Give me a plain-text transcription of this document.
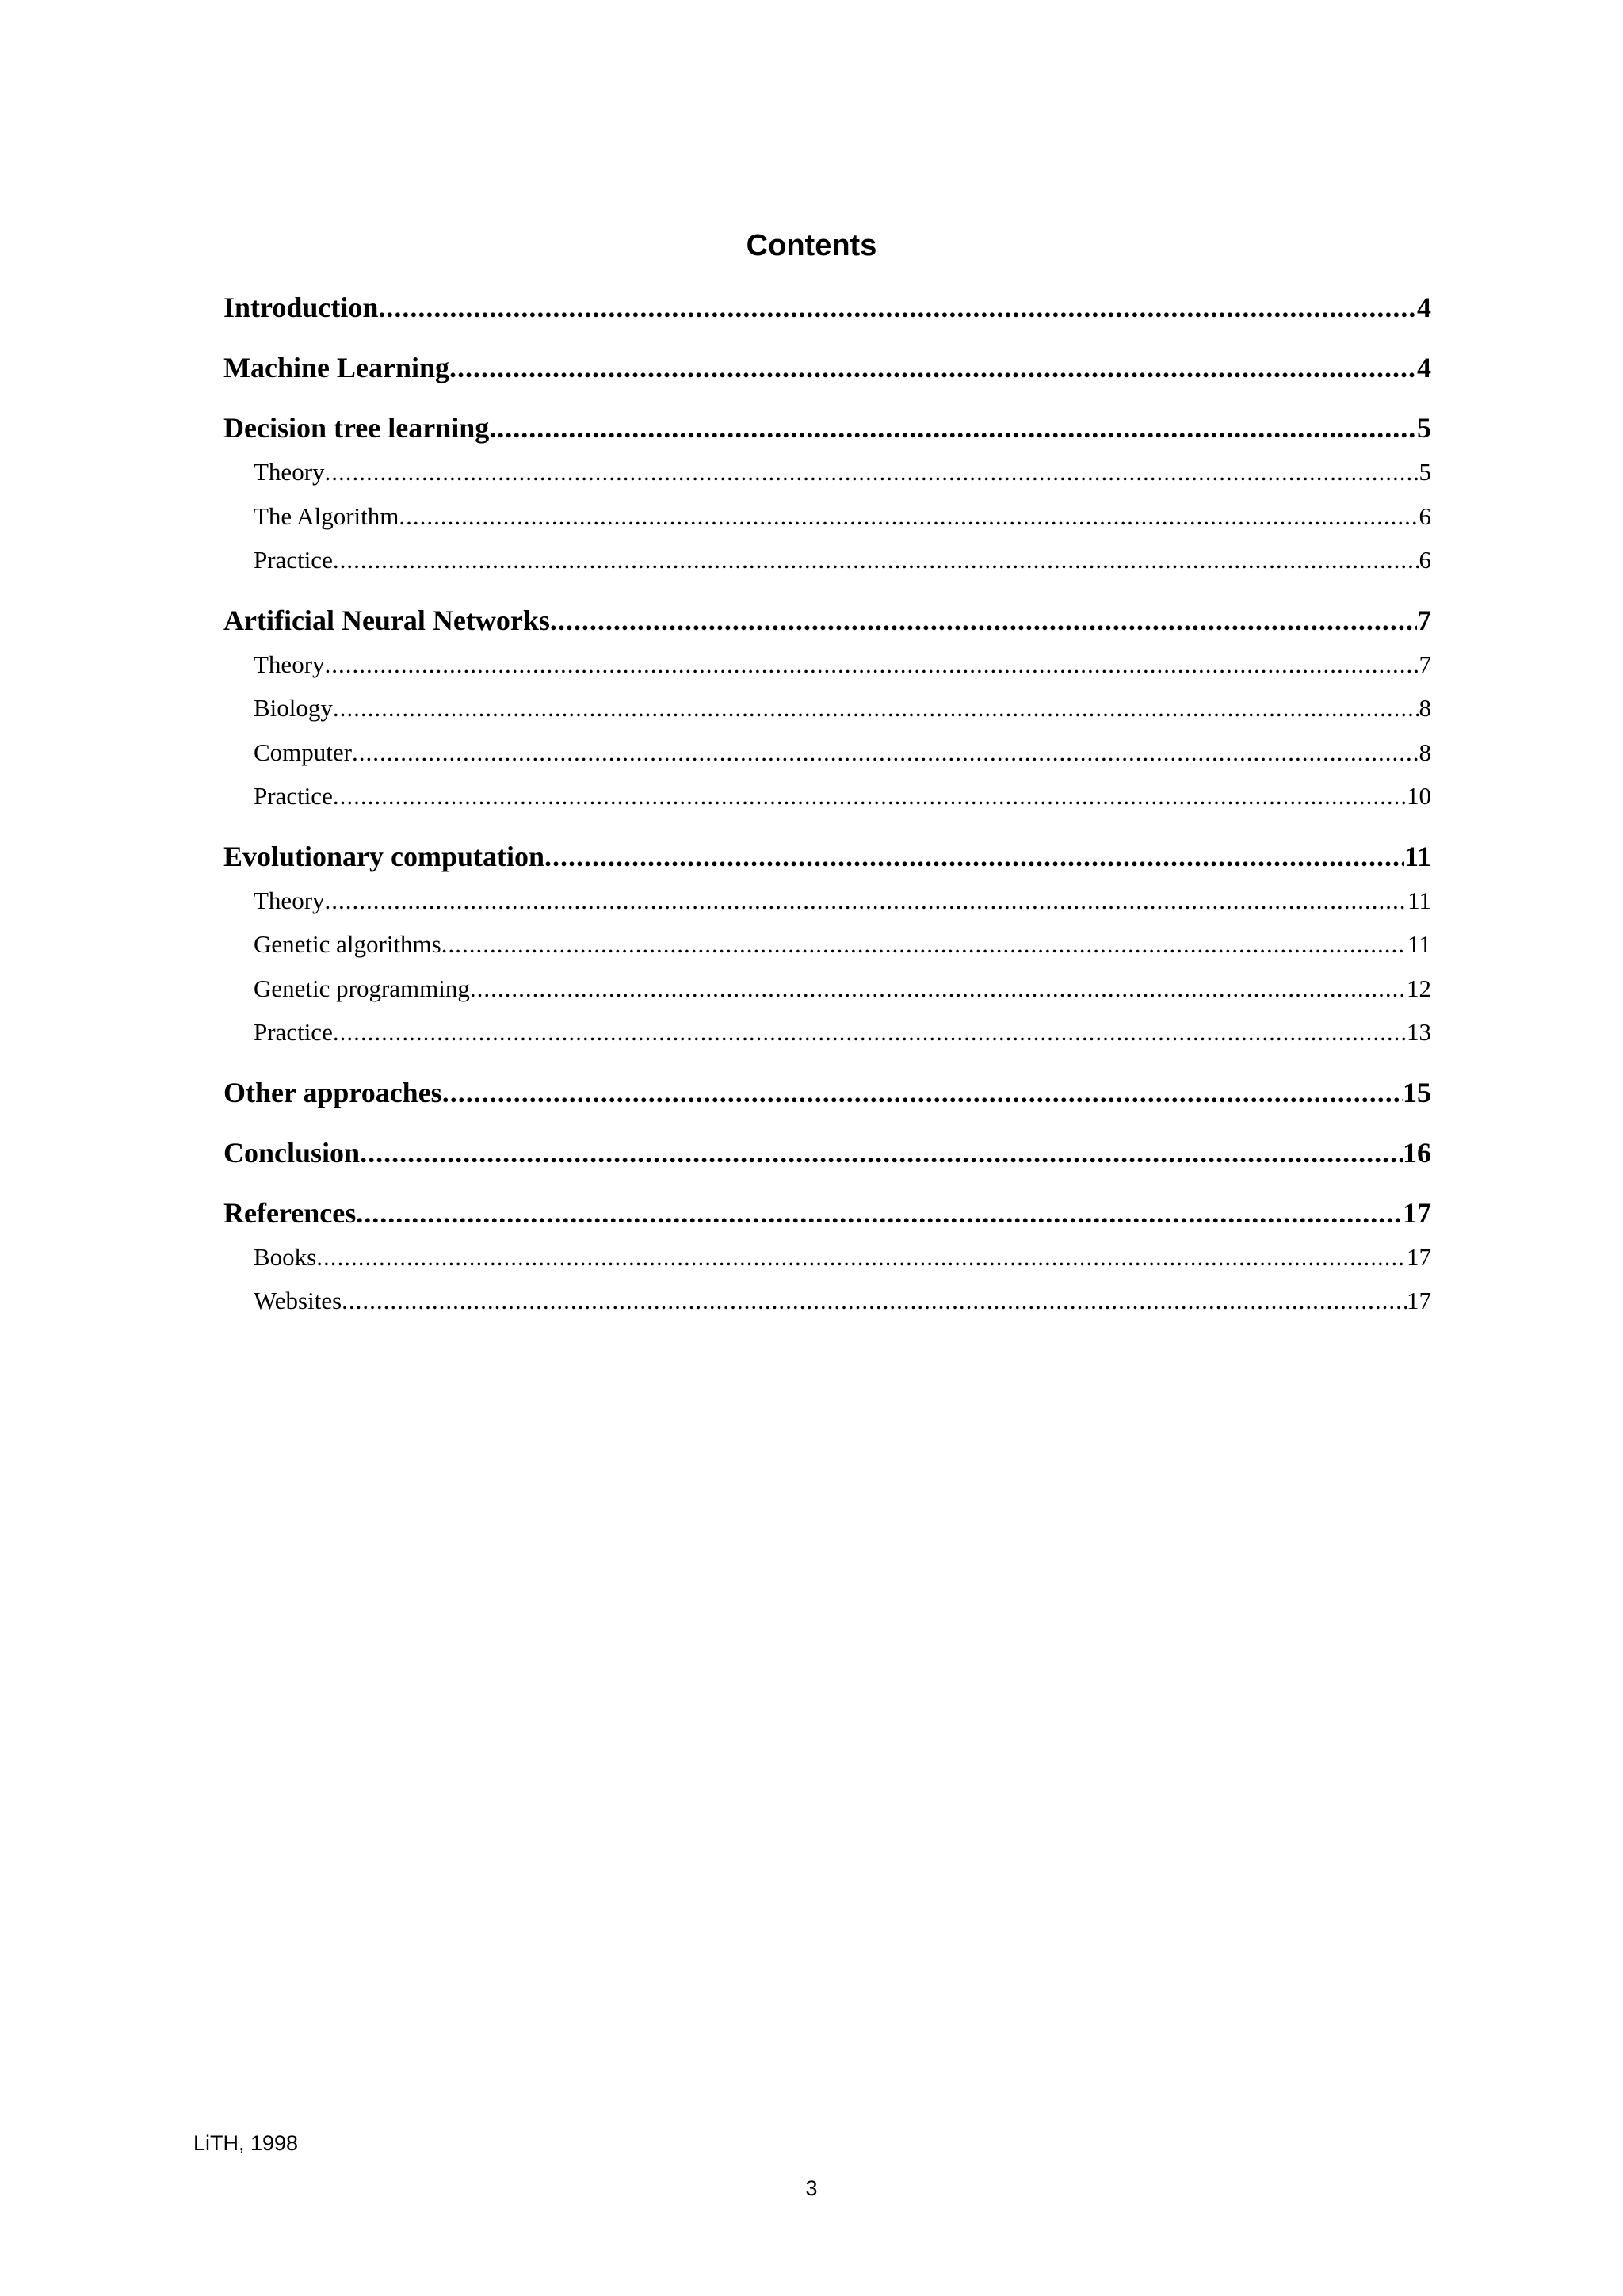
Contents
Introduction .....	4
Machine Learning .....	4
Decision tree learning .....	5
Theory .....	5
The Algorithm .....	6
Practice .....	6
Artificial Neural Networks .....	7
Theory .....	7
Biology .....	8
Computer .....	8
Practice .....	10
Evolutionary computation .....	11
Theory .....	11
Genetic algorithms .....	11
Genetic programming .....	12
Practice .....	13
Other approaches .....	15
Conclusion .....	16
References .....	17
Books .....	17
Websites .....	17
LiTH, 1998
3
